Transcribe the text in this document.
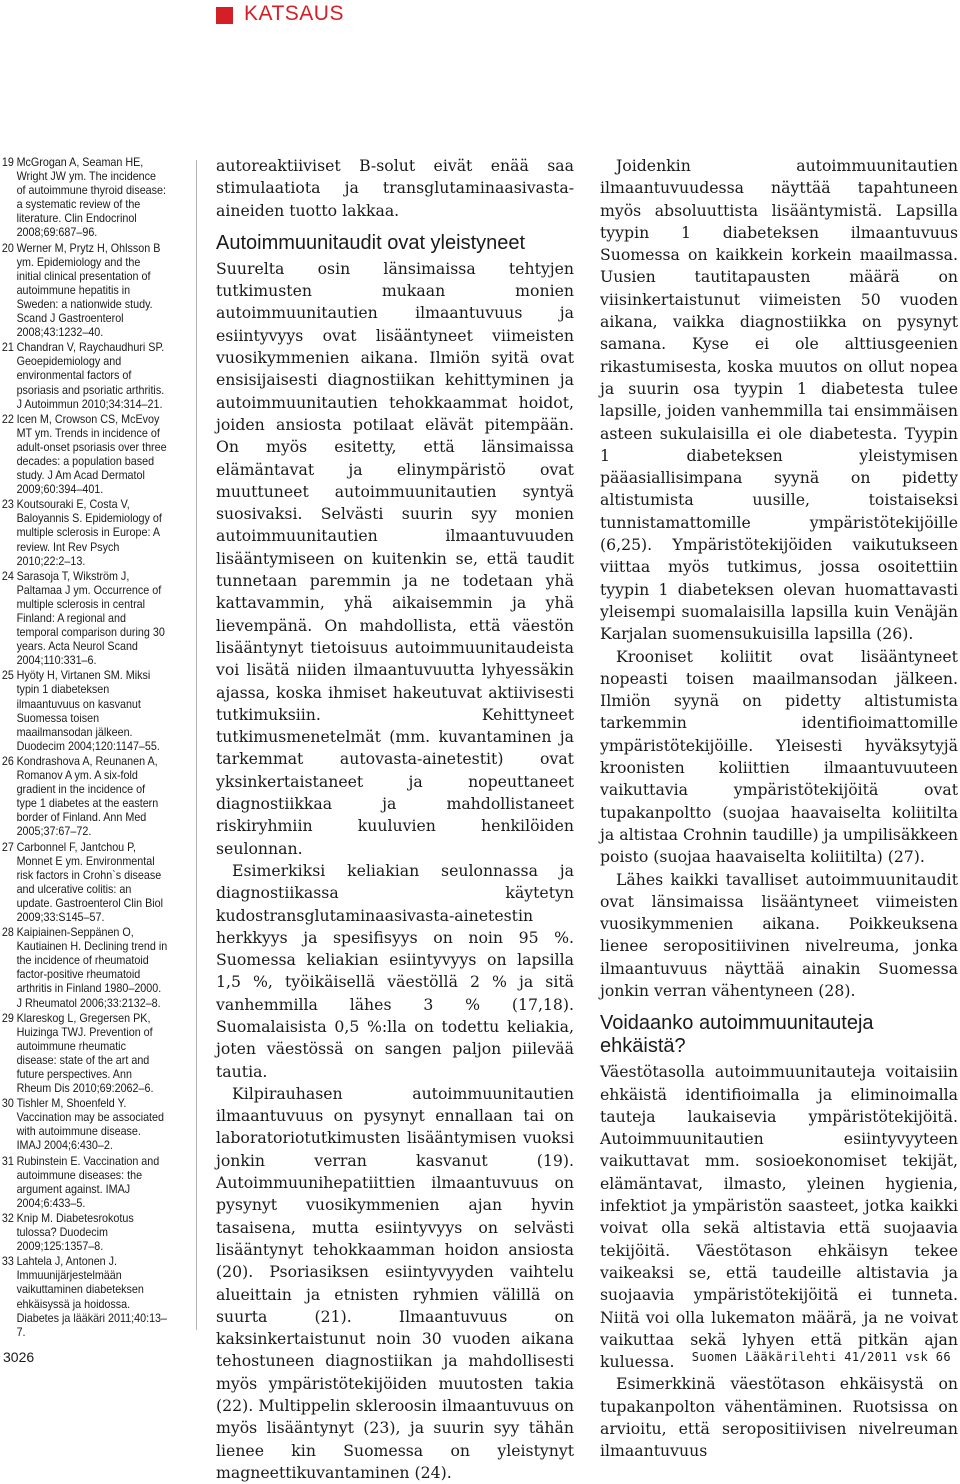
KATSAUS
19 McGrogan A, Seaman HE, Wright JW ym. The incidence of autoimmune thyroid disease: a systematic review of the literature. Clin Endocrinol 2008;69:687–96.
20 Werner M, Prytz H, Ohlsson B ym. Epidemiology and the initial clinical presentation of autoimmune hepatitis in Sweden: a nationwide study. Scand J Gastroenterol 2008;43:1232–40.
21 Chandran V, Raychaudhuri SP. Geoepidemiology and environmental factors of psoriasis and psoriatic arthritis. J Autoimmun 2010;34:314–21.
22 Icen M, Crowson CS, McEvoy MT ym. Trends in incidence of adult-onset psoriasis over three decades: a population based study. J Am Acad Dermatol 2009;60:394–401.
23 Koutsouraki E, Costa V, Baloyannis S. Epidemiology of multiple sclerosis in Europe: A review. Int Rev Psych 2010;22:2–13.
24 Sarasoja T, Wikström J, Paltamaa J ym. Occurrence of multiple sclerosis in central Finland: A regional and temporal comparison during 30 years. Acta Neurol Scand 2004;110:331–6.
25 Hyöty H, Virtanen SM. Miksi typin 1 diabeteksen ilmaantuvuus on kasvanut Suomessa toisen maailmansodan jälkeen. Duodecim 2004;120:1147–55.
26 Kondrashova A, Reunanen A, Romanov A ym. A six-fold gradient in the incidence of type 1 diabetes at the eastern border of Finland. Ann Med 2005;37:67–72.
27 Carbonnel F, Jantchou P, Monnet E ym. Environmental risk factors in Crohn`s disease and ulcerative colitis: an update. Gastroenterol Clin Biol 2009;33:S145–57.
28 Kaipiainen-Seppänen O, Kautiainen H. Declining trend in the incidence of rheumatoid factor-positive rheumatoid arthritis in Finland 1980–2000. J Rheumatol 2006;33:2132–8.
29 Klareskog L, Gregersen PK, Huizinga TWJ. Prevention of autoimmune rheumatic disease: state of the art and future perspectives. Ann Rheum Dis 2010;69:2062–6.
30 Tishler M, Shoenfeld Y. Vaccination may be associated with autoimmune disease. IMAJ 2004;6:430–2.
31 Rubinstein E. Vaccination and autoimmune diseases: the argument against. IMAJ 2004;6:433–5.
32 Knip M. Diabetesrokotus tulossa? Duodecim 2009;125:1357–8.
33 Lahtela J, Antonen J. Immuunijärjestelmään vaikuttaminen diabeteksen ehkäisyssä ja hoidossa. Diabetes ja lääkäri 2011;40:13–7.

autoreaktiiviset B-solut eivät enää saa stimulaatiota ja transglutaminaasivasta-aineiden tuotto lakkaa.

Autoimmuunitaudit ovat yleistyneet

Suurelta osin länsimaissa tehtyjen tutkimusten mukaan monien autoimmuunitautien ilmaantuvuus ja esiintyvyys ovat lisääntyneet viimeisten vuosikymmenien aikana. Ilmiön syitä ovat ensisijaisesti diagnostiikan kehittyminen ja autoimmuunitautien tehokkaammat hoidot, joiden ansiosta potilaat elävät pitempään. On myös esitetty, että länsimaissa elämäntavat ja elinympäristö ovat muuttuneet autoimmuunitautien syntyä suosivaksi. Selvästi suurin syy monien autoimmuunitautien ilmaantuvuuden lisääntymiseen on kuitenkin se, että taudit tunnetaan paremmin ja ne todetaan yhä kattavammin, yhä aikaisemmin ja yhä lievempänä. On mahdollista, että väestön lisääntynyt tietoisuus autoimmuunitaudeista voi lisätä niiden ilmaantuvuutta lyhyessäkin ajassa, koska ihmiset hakeutuvat aktiivisesti tutkimuksiin. Kehittyneet tutkimusmenetelmät (mm. kuvantaminen ja tarkemmat autovasta-ainetestit) ovat yksinkertaistaneet ja nopeuttaneet diagnostiikkaa ja mahdollistaneet riskiryhmiin kuuluvien henkilöiden seulonnan.

Esimerkiksi keliakian seulonnassa ja diagnostiikassa käytetyn kudostransglutaminaasivasta-ainetestin herkkyys ja spesifisyys on noin 95 %. Suomessa keliakian esiintyvyys on lapsilla 1,5 %, työikäisellä väestöllä 2 % ja sitä vanhemmilla lähes 3 % (17,18). Suomalaisista 0,5 %:lla on todettu keliakia, joten väestössä on sangen paljon piilevää tautia.

Kilpirauhasen autoimmuunitautien ilmaantuvuus on pysynyt ennallaan tai on laboratoriotutkimusten lisääntymisen vuoksi jonkin verran kasvanut (19). Autoimmuunihepatiittien ilmaantuvuus on pysynyt vuosikymmenien ajan hyvin tasaisena, mutta esiintyvyys on selvästi lisääntynyt tehokkaamman hoidon ansiosta (20). Psoriasiksen esiintyvyyden vaihtelu alueittain ja etnisten ryhmien välillä on suurta (21). Ilmaantuvuus on kaksinkertaistunut noin 30 vuoden aikana tehostuneen diagnostiikan ja mahdollisesti myös ympäristötekijöiden muutosten takia (22). Multippelin skleroosin ilmaantuvuus on myös lisääntynyt (23), ja suurin syy tähän lienee kin Suomessa on yleistynyt magneettikuvantaminen (24).

Joidenkin autoimmuunitautien ilmaantuvuudessa näyttää tapahtuneen myös absoluuttista lisääntymistä. Lapsilla tyypin 1 diabeteksen ilmaantuvuus Suomessa on kaikkein korkein maailmassa. Uusien tautitapausten määrä on viisinkertaistunut viimeisten 50 vuoden aikana, vaikka diagnostiikka on pysynyt samana. Kyse ei ole alttiusgeenien rikastumisesta, koska muutos on ollut nopea ja suurin osa tyypin 1 diabetesta tulee lapsille, joiden vanhemmilla tai ensimmäisen asteen sukulaisilla ei ole diabetesta. Tyypin 1 diabeteksen yleistymisen pääasiallisimpana syynä on pidetty altistumista uusille, toistaiseksi tunnistamattomille ympäristötekijöille (6,25). Ympäristötekijöiden vaikutukseen viittaa myös tutkimus, jossa osoitettiin tyypin 1 diabeteksen olevan huomattavasti yleisempi suomalaisilla lapsilla kuin Venäjän Karjalan suomensukuisilla lapsilla (26).

Krooniset koliitit ovat lisääntyneet nopeasti toisen maailmansodan jälkeen. Ilmiön syynä on pidetty altistumista tarkemmin identifioimattomille ympäristötekijöille. Yleisesti hyväksytyjä kroonisten koliittien ilmaantuvuuteen vaikuttavia ympäristötekijöitä ovat tupakanpoltto (suojaa haavaiselta koliitilta ja altistaa Crohnin taudille) ja umpilisäkkeen poisto (suojaa haavaiselta koliitilta) (27).

Lähes kaikki tavalliset autoimmuunitaudit ovat länsimaissa lisääntyneet viimeisten vuosikymmenien aikana. Poikkeuksena lienee seropositiivinen nivelreuma, jonka ilmaantuvuus näyttää ainakin Suomessa jonkin verran vähentyneen (28).

Voidaanko autoimmuunitauteja ehkäistä?

Väestötasolla autoimmuunitauteja voitaisiin ehkäistä identifioimalla ja eliminoimalla tauteja laukaisevia ympäristötekijöitä. Autoimmuunitautien esiintyvyyteen vaikuttavat mm. sosioekonomiset tekijät, elämäntavat, ilmasto, yleinen hygienia, infektiot ja ympäristön saasteet, jotka kaikki voivat olla sekä altistavia että suojaavia tekijöitä. Väestötason ehkäisyn tekee vaikeaksi se, että taudeille altistavia ja suojaavia ympäristötekijöitä ei tunneta. Niitä voi olla lukematon määrä, ja ne voivat vaikuttaa sekä lyhyen että pitkän ajan kuluessa.

Esimerkkinä väestötason ehkäisystä on tupakanpolton vähentäminen. Ruotsissa on arvioitu, että seropositiivisen nivelreuman ilmaantuvuus

3026	Suomen Lääkärilehti 41/2011 vsk 66
